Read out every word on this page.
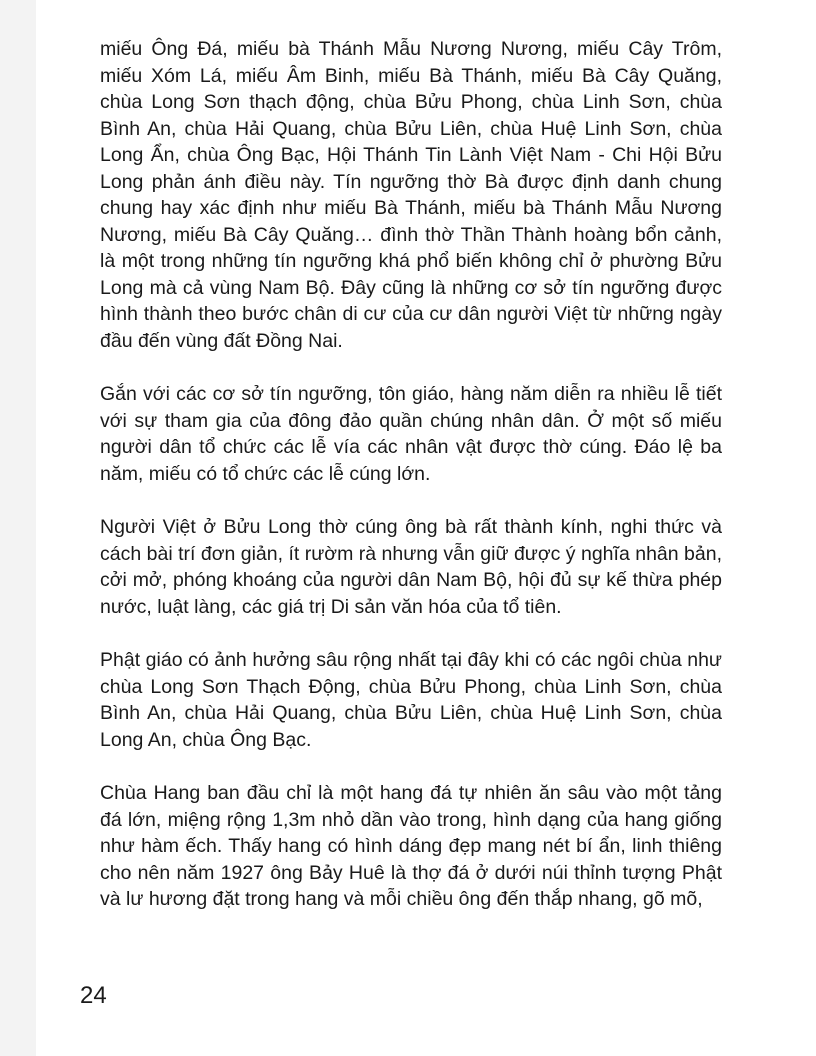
miếu Ông Đá, miếu bà Thánh Mẫu Nương Nương, miếu Cây Trôm, miếu Xóm Lá, miếu Âm Binh, miếu Bà Thánh, miếu Bà Cây Quăng, chùa Long Sơn thạch động, chùa Bửu Phong, chùa Linh Sơn, chùa Bình An, chùa Hải Quang, chùa Bửu Liên, chùa Huệ Linh Sơn, chùa Long Ẩn, chùa Ông Bạc, Hội Thánh Tin Lành Việt Nam - Chi Hội Bửu Long phản ánh điều này. Tín ngưỡng thờ Bà được định danh chung chung hay xác định như miếu Bà Thánh, miếu bà Thánh Mẫu Nương Nương, miếu Bà Cây Quăng… đình thờ Thần Thành hoàng bổn cảnh, là một trong những tín ngưỡng khá phổ biến không chỉ ở phường Bửu Long mà cả vùng Nam Bộ. Đây cũng là những cơ sở tín ngưỡng được hình thành theo bước chân di cư của cư dân người Việt từ những ngày đầu đến vùng đất Đồng Nai.

Gắn với các cơ sở tín ngưỡng, tôn giáo, hàng năm diễn ra nhiều lễ tiết với sự tham gia của đông đảo quần chúng nhân dân. Ở một số miếu người dân tổ chức các lễ vía các nhân vật được thờ cúng. Đáo lệ ba năm, miếu có tổ chức các lễ cúng lớn.

Người Việt ở Bửu Long thờ cúng ông bà rất thành kính, nghi thức và cách bài trí đơn giản, ít rườm rà nhưng vẫn giữ được ý nghĩa nhân bản, cởi mở, phóng khoáng của người dân Nam Bộ, hội đủ sự kế thừa phép nước, luật làng, các giá trị Di sản văn hóa của tổ tiên.

Phật giáo có ảnh hưởng sâu rộng nhất tại đây khi có các ngôi chùa như chùa Long Sơn Thạch Động, chùa Bửu Phong, chùa Linh Sơn, chùa Bình An, chùa Hải Quang, chùa Bửu Liên, chùa Huệ Linh Sơn, chùa Long An, chùa Ông Bạc.

Chùa Hang ban đầu chỉ là một hang đá tự nhiên ăn sâu vào một tảng đá lớn, miệng rộng 1,3m nhỏ dần vào trong, hình dạng của hang giống như hàm ếch. Thấy hang có hình dáng đẹp mang nét bí ẩn, linh thiêng cho nên năm 1927 ông Bảy Huê là thợ đá ở dưới núi thỉnh tượng Phật và lư hương đặt trong hang và mỗi chiều ông đến thắp nhang, gõ mõ,

24
